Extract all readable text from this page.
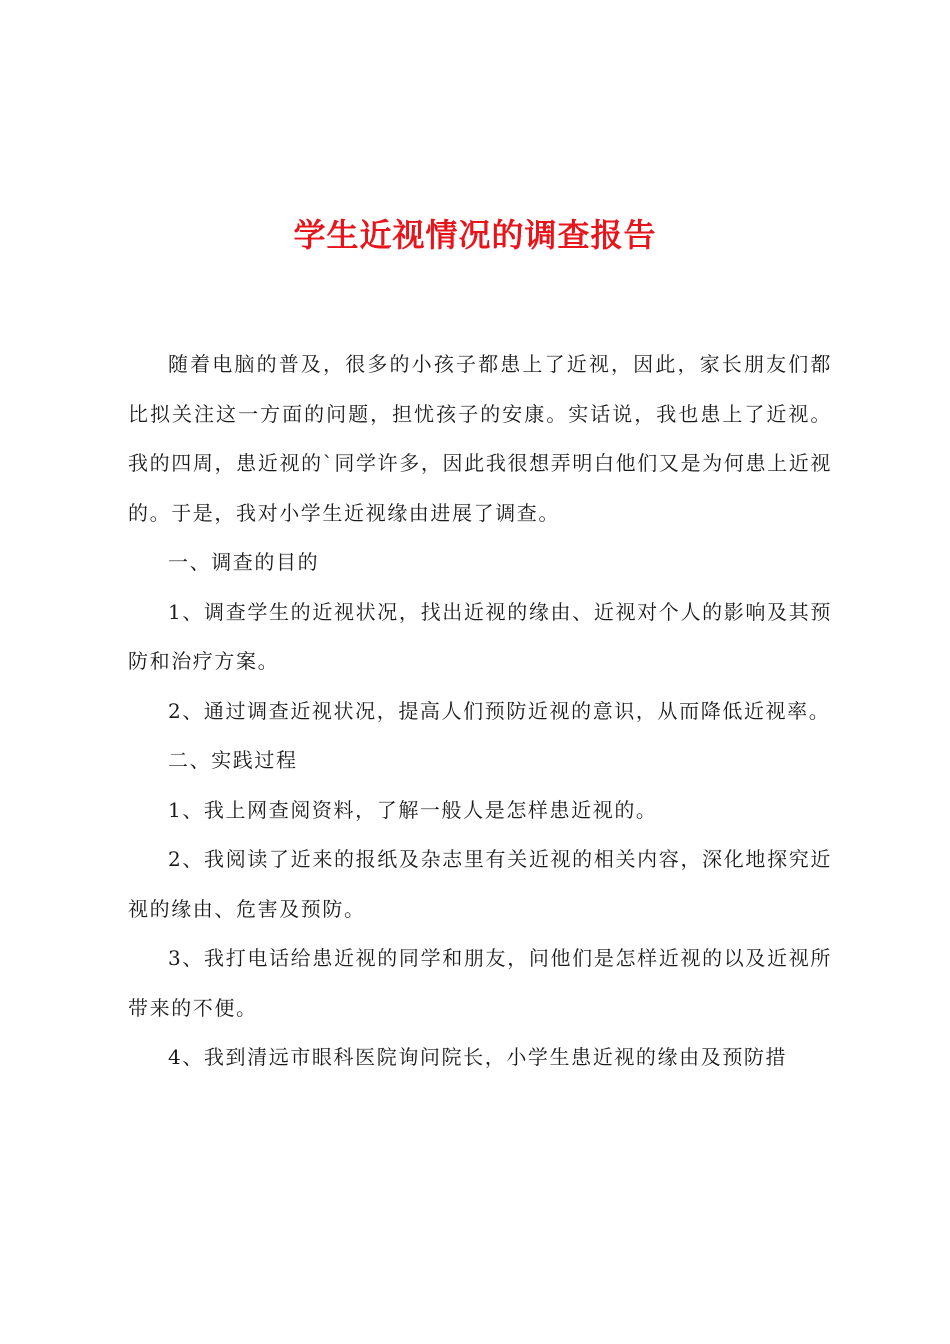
学生近视情况的调查报告

随着电脑的普及，很多的小孩子都患上了近视，因此，家长朋友们都比拟关注这一方面的问题，担忧孩子的安康。实话说，我也患上了近视。我的四周，患近视的`同学许多，因此我很想弄明白他们又是为何患上近视的。于是，我对小学生近视缘由进展了调查。

一、调查的目的

1、调查学生的近视状况，找出近视的缘由、近视对个人的影响及其预防和治疗方案。

2、通过调查近视状况，提高人们预防近视的意识，从而降低近视率。

二、实践过程

1、我上网查阅资料，了解一般人是怎样患近视的。

2、我阅读了近来的报纸及杂志里有关近视的相关内容，深化地探究近视的缘由、危害及预防。

3、我打电话给患近视的同学和朋友，问他们是怎样近视的以及近视所带来的不便。

4、我到清远市眼科医院询问院长，小学生患近视的缘由及预防措
